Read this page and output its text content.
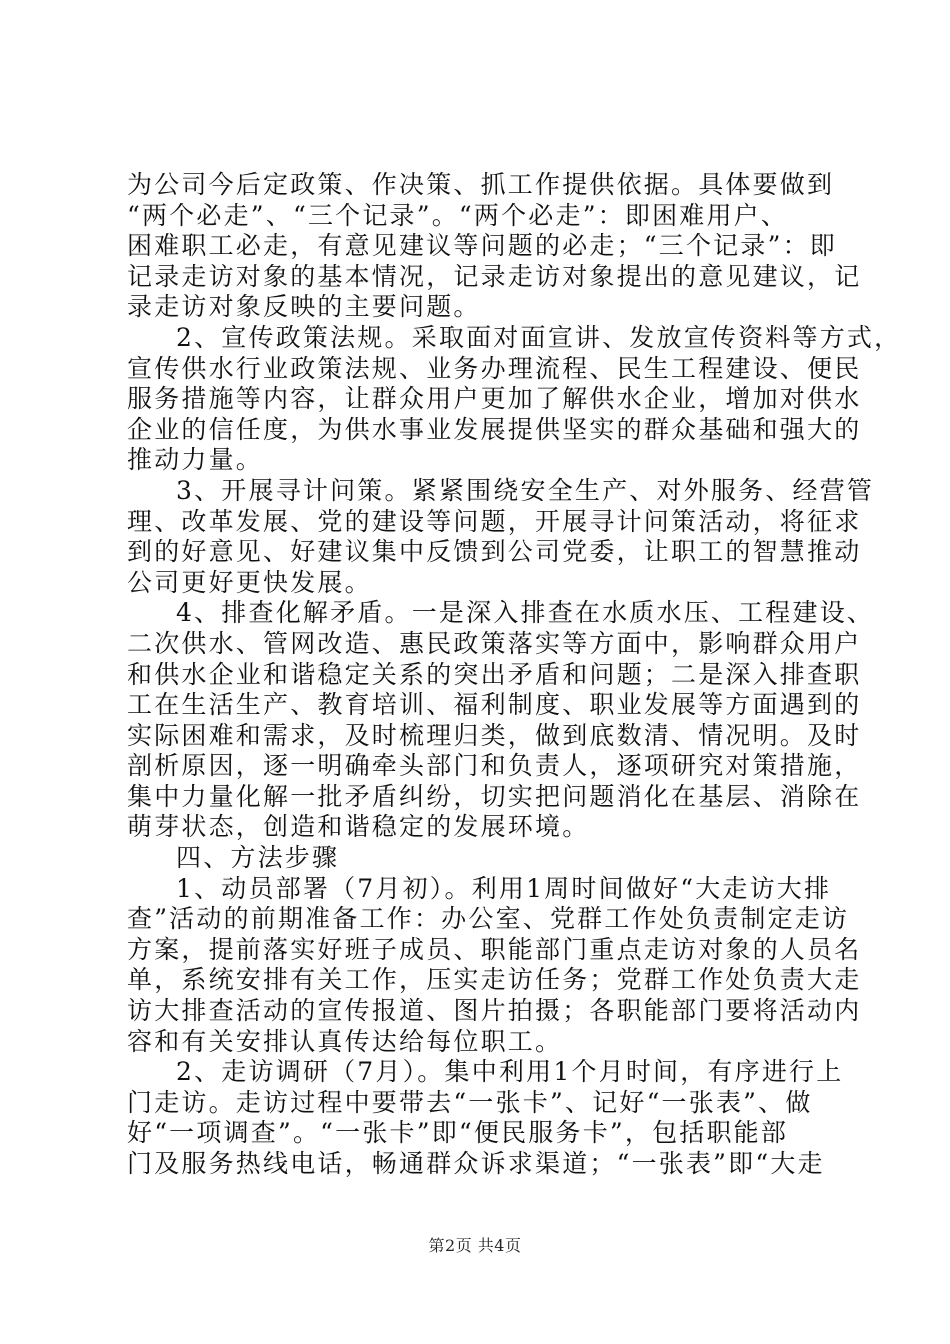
为公司今后定政策、作决策、抓工作提供依据。具体要做到
“两个必走”、“三个记录”。“两个必走”：即困难用户、
困难职工必走，有意见建议等问题的必走；“三个记录”：即
记录走访对象的基本情况，记录走访对象提出的意见建议，记
录走访对象反映的主要问题。
2、宣传政策法规。采取面对面宣讲、发放宣传资料等方式，
宣传供水行业政策法规、业务办理流程、民生工程建设、便民
服务措施等内容，让群众用户更加了解供水企业，增加对供水
企业的信任度，为供水事业发展提供坚实的群众基础和强大的
推动力量。
3、开展寻计问策。紧紧围绕安全生产、对外服务、经营管
理、改革发展、党的建设等问题，开展寻计问策活动，将征求
到的好意见、好建议集中反馈到公司党委，让职工的智慧推动
公司更好更快发展。
4、排查化解矛盾。一是深入排查在水质水压、工程建设、
二次供水、管网改造、惠民政策落实等方面中，影响群众用户
和供水企业和谐稳定关系的突出矛盾和问题；二是深入排查职
工在生活生产、教育培训、福利制度、职业发展等方面遇到的
实际困难和需求，及时梳理归类，做到底数清、情况明。及时
剖析原因，逐一明确牵头部门和负责人，逐项研究对策措施，
集中力量化解一批矛盾纠纷，切实把问题消化在基层、消除在
萌芽状态，创造和谐稳定的发展环境。
四、方法步骤
1、动员部署（7月初）。利用1周时间做好“大走访大排
查”活动的前期准备工作：办公室、党群工作处负责制定走访
方案，提前落实好班子成员、职能部门重点走访对象的人员名
单，系统安排有关工作，压实走访任务；党群工作处负责大走
访大排查活动的宣传报道、图片拍摄；各职能部门要将活动内
容和有关安排认真传达给每位职工。
2、走访调研（7月）。集中利用1个月时间，有序进行上
门走访。走访过程中要带去“一张卡”、记好“一张表”、做
好“一项调查”。“一张卡”即“便民服务卡”，包括职能部
门及服务热线电话，畅通群众诉求渠道；“一张表”即“大走
第2页 共4页
